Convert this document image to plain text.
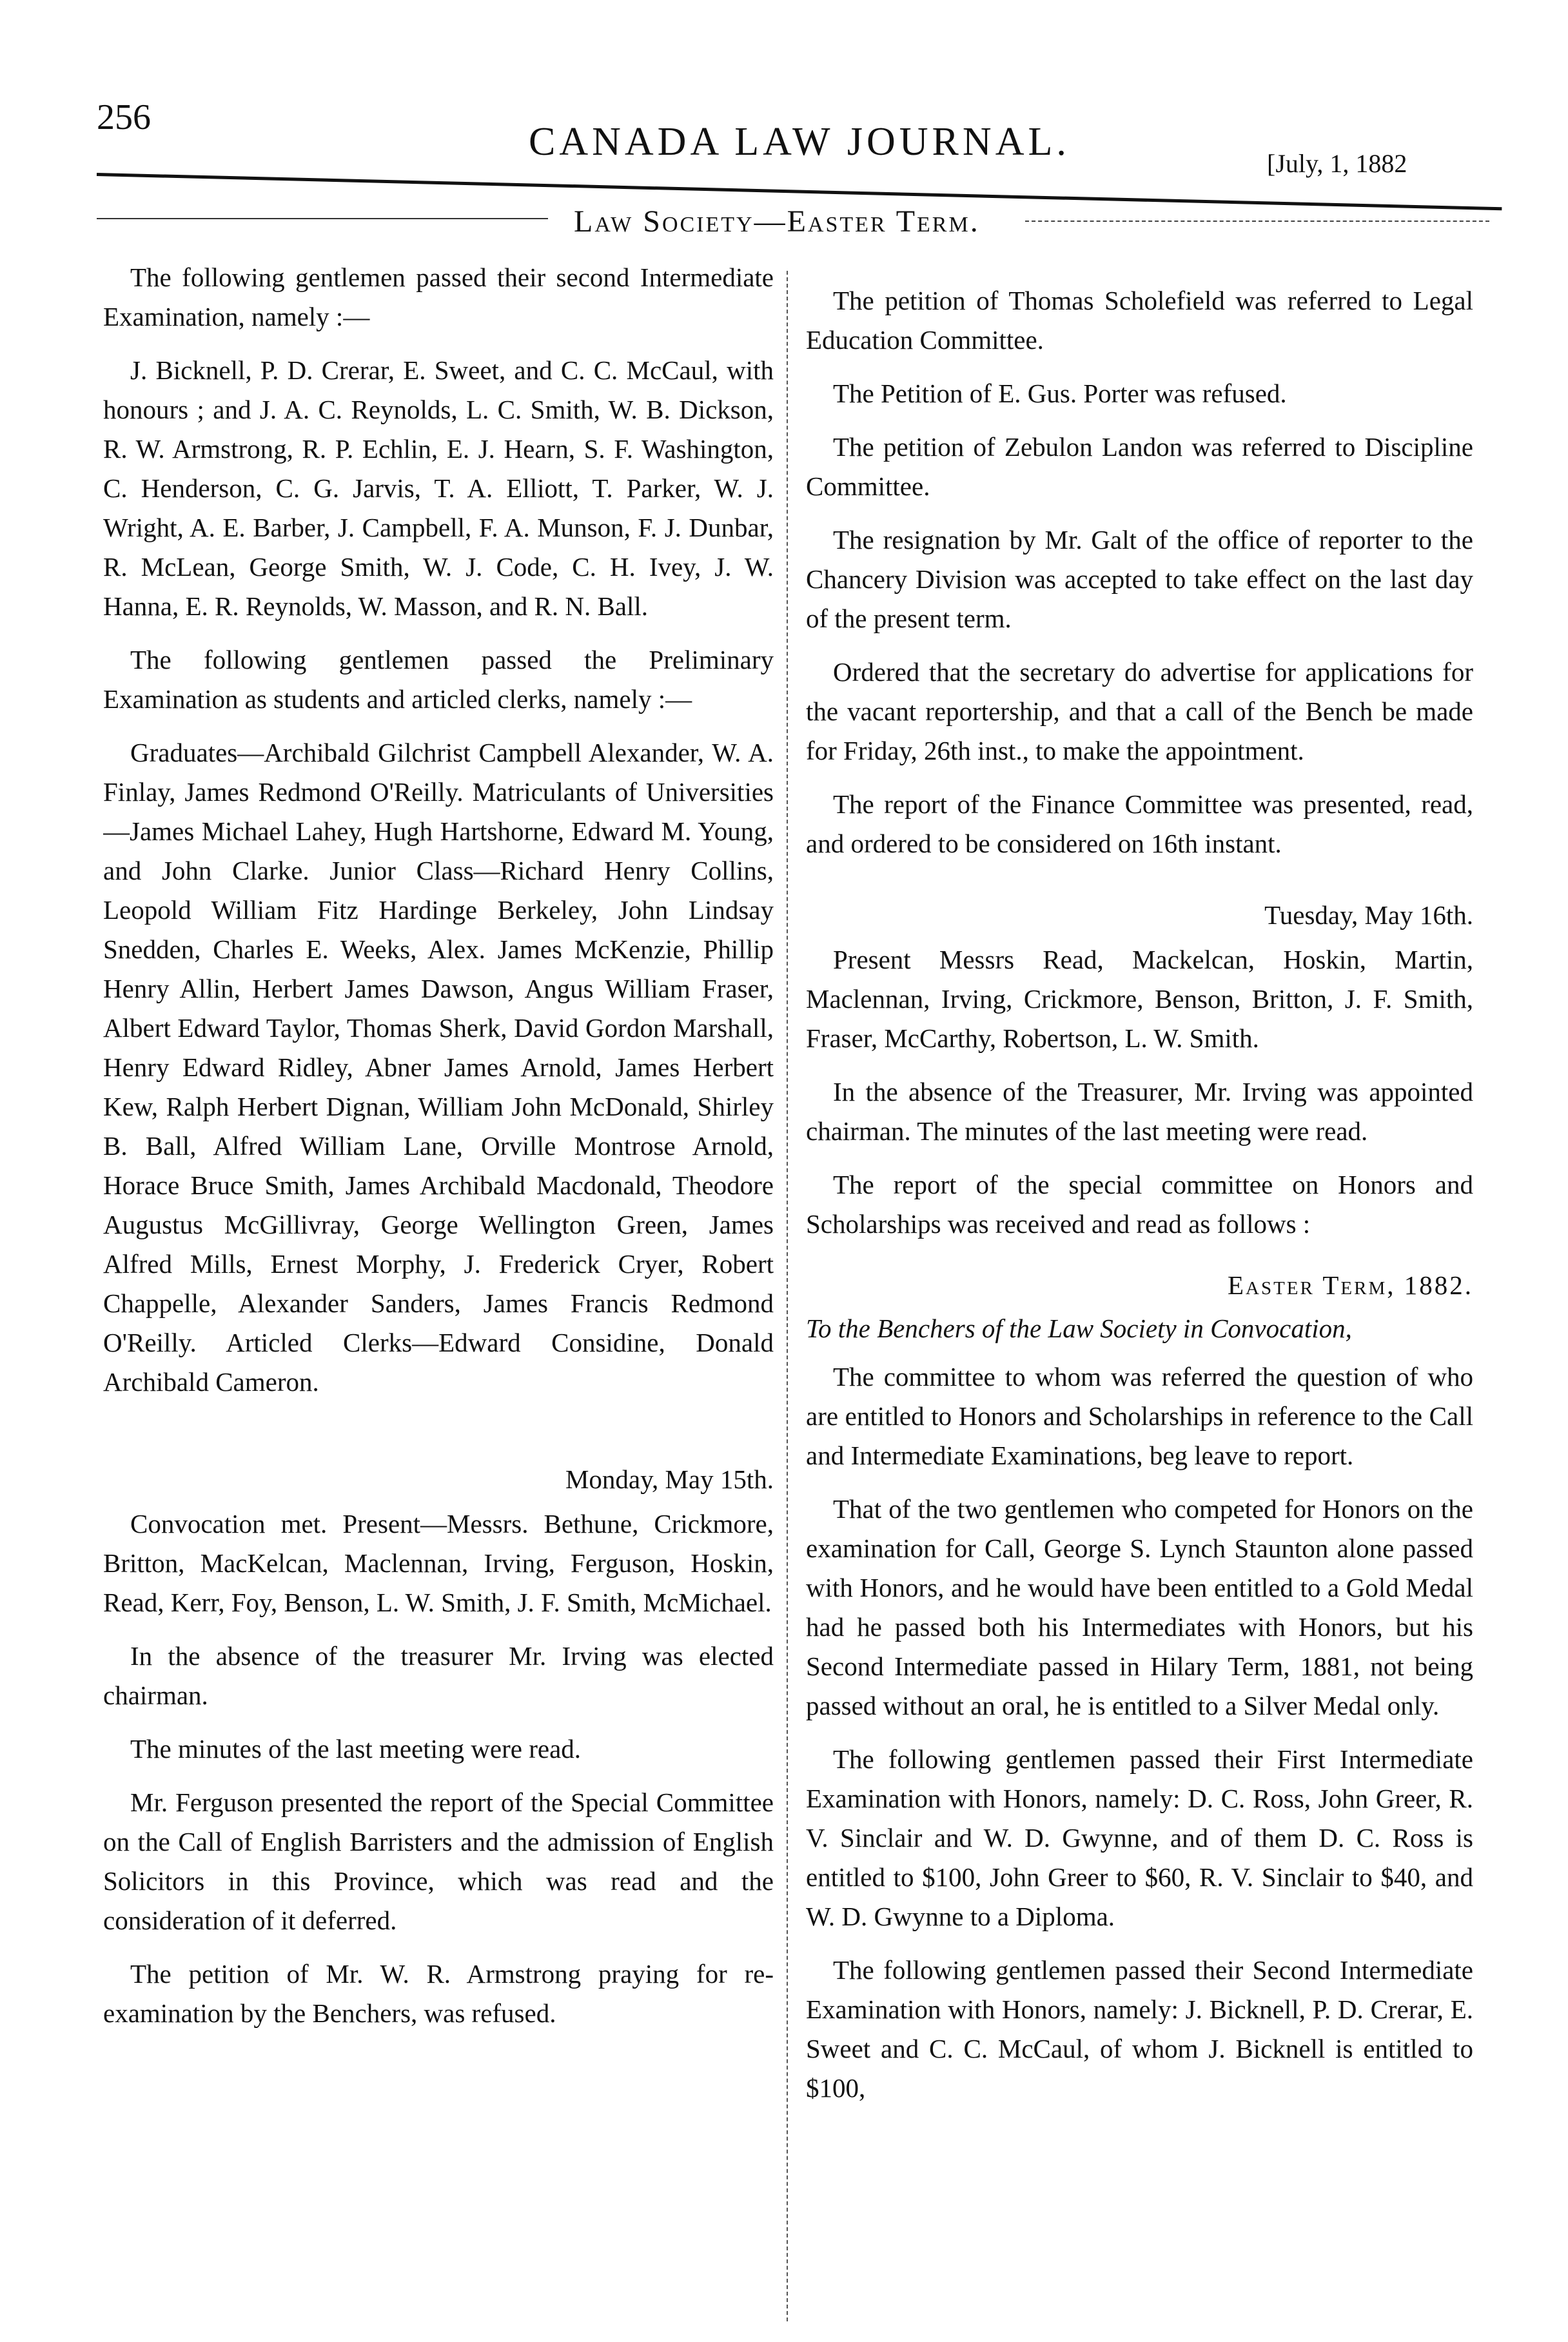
256
CANADA LAW JOURNAL.	[July, 1, 1882
Law Society—Easter Term.

The following gentlemen passed their second Intermediate Examination, namely :—

J. Bicknell, P. D. Crerar, E. Sweet, and C. C. McCaul, with honours ; and J. A. C. Reynolds, L. C. Smith, W. B. Dickson, R. W. Armstrong, R. P. Echlin, E. J. Hearn, S. F. Washington, C. Henderson, C. G. Jarvis, T. A. Elliott, T. Parker, W. J. Wright, A. E. Barber, J. Campbell, F. A. Munson, F. J. Dunbar, R. McLean, George Smith, W. J. Code, C. H. Ivey, J. W. Hanna, E. R. Reynolds, W. Masson, and R. N. Ball.

The following gentlemen passed the Preliminary Examination as students and articled clerks, namely :—

Graduates—Archibald Gilchrist Campbell Alexander, W. A. Finlay, James Redmond O'Reilly. Matriculants of Universities—James Michael Lahey, Hugh Hartshorne, Edward M. Young, and John Clarke. Junior Class—Richard Henry Collins, Leopold William Fitz Hardinge Berkeley, John Lindsay Snedden, Charles E. Weeks, Alex. James McKenzie, Phillip Henry Allin, Herbert James Dawson, Angus William Fraser, Albert Edward Taylor, Thomas Sherk, David Gordon Marshall, Henry Edward Ridley, Abner James Arnold, James Herbert Kew, Ralph Herbert Dignan, William John McDonald, Shirley B. Ball, Alfred William Lane, Orville Montrose Arnold, Horace Bruce Smith, James Archibald Macdonald, Theodore Augustus McGillivray, George Wellington Green, James Alfred Mills, Ernest Morphy, J. Frederick Cryer, Robert Chappelle, Alexander Sanders, James Francis Redmond O'Reilly. Articled Clerks—Edward Considine, Donald Archibald Cameron.

Monday, May 15th.

Convocation met. Present—Messrs. Bethune, Crickmore, Britton, MacKelcan, Maclennan, Irving, Ferguson, Hoskin, Read, Kerr, Foy, Benson, L. W. Smith, J. F. Smith, McMichael.

In the absence of the treasurer Mr. Irving was elected chairman.

The minutes of the last meeting were read.

Mr. Ferguson presented the report of the Special Committee on the Call of English Barristers and the admission of English Solicitors in this Province, which was read and the consideration of it deferred.

The petition of Mr. W. R. Armstrong praying for re-examination by the Benchers, was refused.

The petition of Thomas Scholefield was referred to Legal Education Committee.

The Petition of E. Gus. Porter was refused.

The petition of Zebulon Landon was referred to Discipline Committee.

The resignation by Mr. Galt of the office of reporter to the Chancery Division was accepted to take effect on the last day of the present term.

Ordered that the secretary do advertise for applications for the vacant reportership, and that a call of the Bench be made for Friday, 26th inst., to make the appointment.

The report of the Finance Committee was presented, read, and ordered to be considered on 16th instant.

Tuesday, May 16th.

Present Messrs Read, Mackelcan, Hoskin, Martin, Maclennan, Irving, Crickmore, Benson, Britton, J. F. Smith, Fraser, McCarthy, Robertson, L. W. Smith.

In the absence of the Treasurer, Mr. Irving was appointed chairman. The minutes of the last meeting were read.

The report of the special committee on Honors and Scholarships was received and read as follows :

Easter Term, 1882.
To the Benchers of the Law Society in Convocation,

The committee to whom was referred the question of who are entitled to Honors and Scholarships in reference to the Call and Intermediate Examinations, beg leave to report.

That of the two gentlemen who competed for Honors on the examination for Call, George S. Lynch Staunton alone passed with Honors, and he would have been entitled to a Gold Medal had he passed both his Intermediates with Honors, but his Second Intermediate passed in Hilary Term, 1881, not being passed without an oral, he is entitled to a Silver Medal only.

The following gentlemen passed their First Intermediate Examination with Honors, namely: D. C. Ross, John Greer, R. V. Sinclair and W. D. Gwynne, and of them D. C. Ross is entitled to $100, John Greer to $60, R. V. Sinclair to $40, and W. D. Gwynne to a Diploma.

The following gentlemen passed their Second Intermediate Examination with Honors, namely: J. Bicknell, P. D. Crerar, E. Sweet and C. C. McCaul, of whom J. Bicknell is entitled to $100,
